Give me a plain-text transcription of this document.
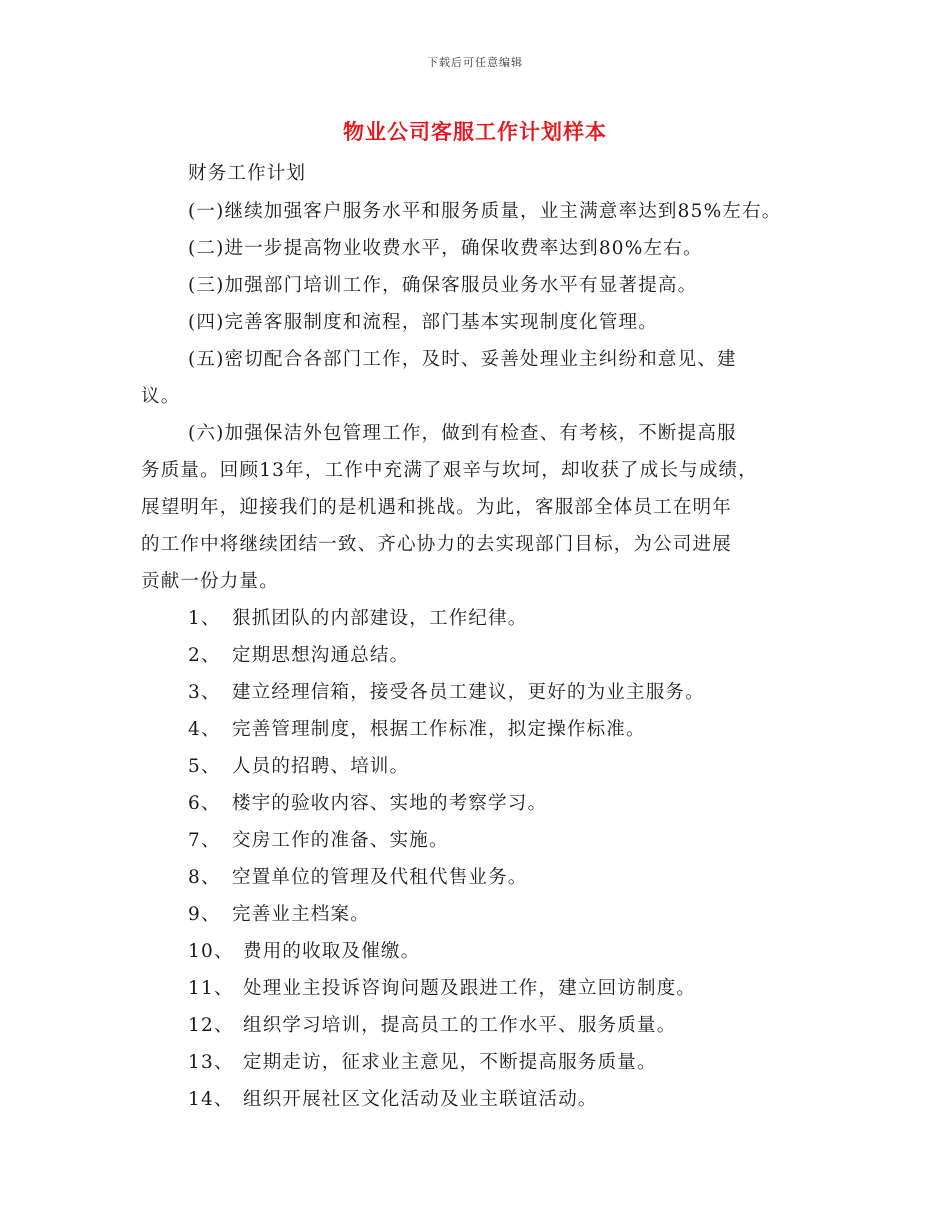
下载后可任意编辑
物业公司客服工作计划样本
财务工作计划
(一)继续加强客户服务水平和服务质量，业主满意率达到85%左右。
(二)进一步提高物业收费水平，确保收费率达到80%左右。
(三)加强部门培训工作，确保客服员业务水平有显著提高。
(四)完善客服制度和流程，部门基本实现制度化管理。
(五)密切配合各部门工作，及时、妥善处理业主纠纷和意见、建
议。
(六)加强保洁外包管理工作，做到有检查、有考核，不断提高服
务质量。回顾13年，工作中充满了艰辛与坎坷，却收获了成长与成绩，
展望明年，迎接我们的是机遇和挑战。为此，客服部全体员工在明年
的工作中将继续团结一致、齐心协力的去实现部门目标，为公司进展
贡献一份力量。
1、 狠抓团队的内部建设，工作纪律。
2、 定期思想沟通总结。
3、 建立经理信箱，接受各员工建议，更好的为业主服务。
4、 完善管理制度，根据工作标准，拟定操作标准。
5、 人员的招聘、培训。
6、 楼宇的验收内容、实地的考察学习。
7、 交房工作的准备、实施。
8、 空置单位的管理及代租代售业务。
9、 完善业主档案。
10、 费用的收取及催缴。
11、 处理业主投诉咨询问题及跟进工作，建立回访制度。
12、 组织学习培训，提高员工的工作水平、服务质量。
13、 定期走访，征求业主意见，不断提高服务质量。
14、 组织开展社区文化活动及业主联谊活动。
